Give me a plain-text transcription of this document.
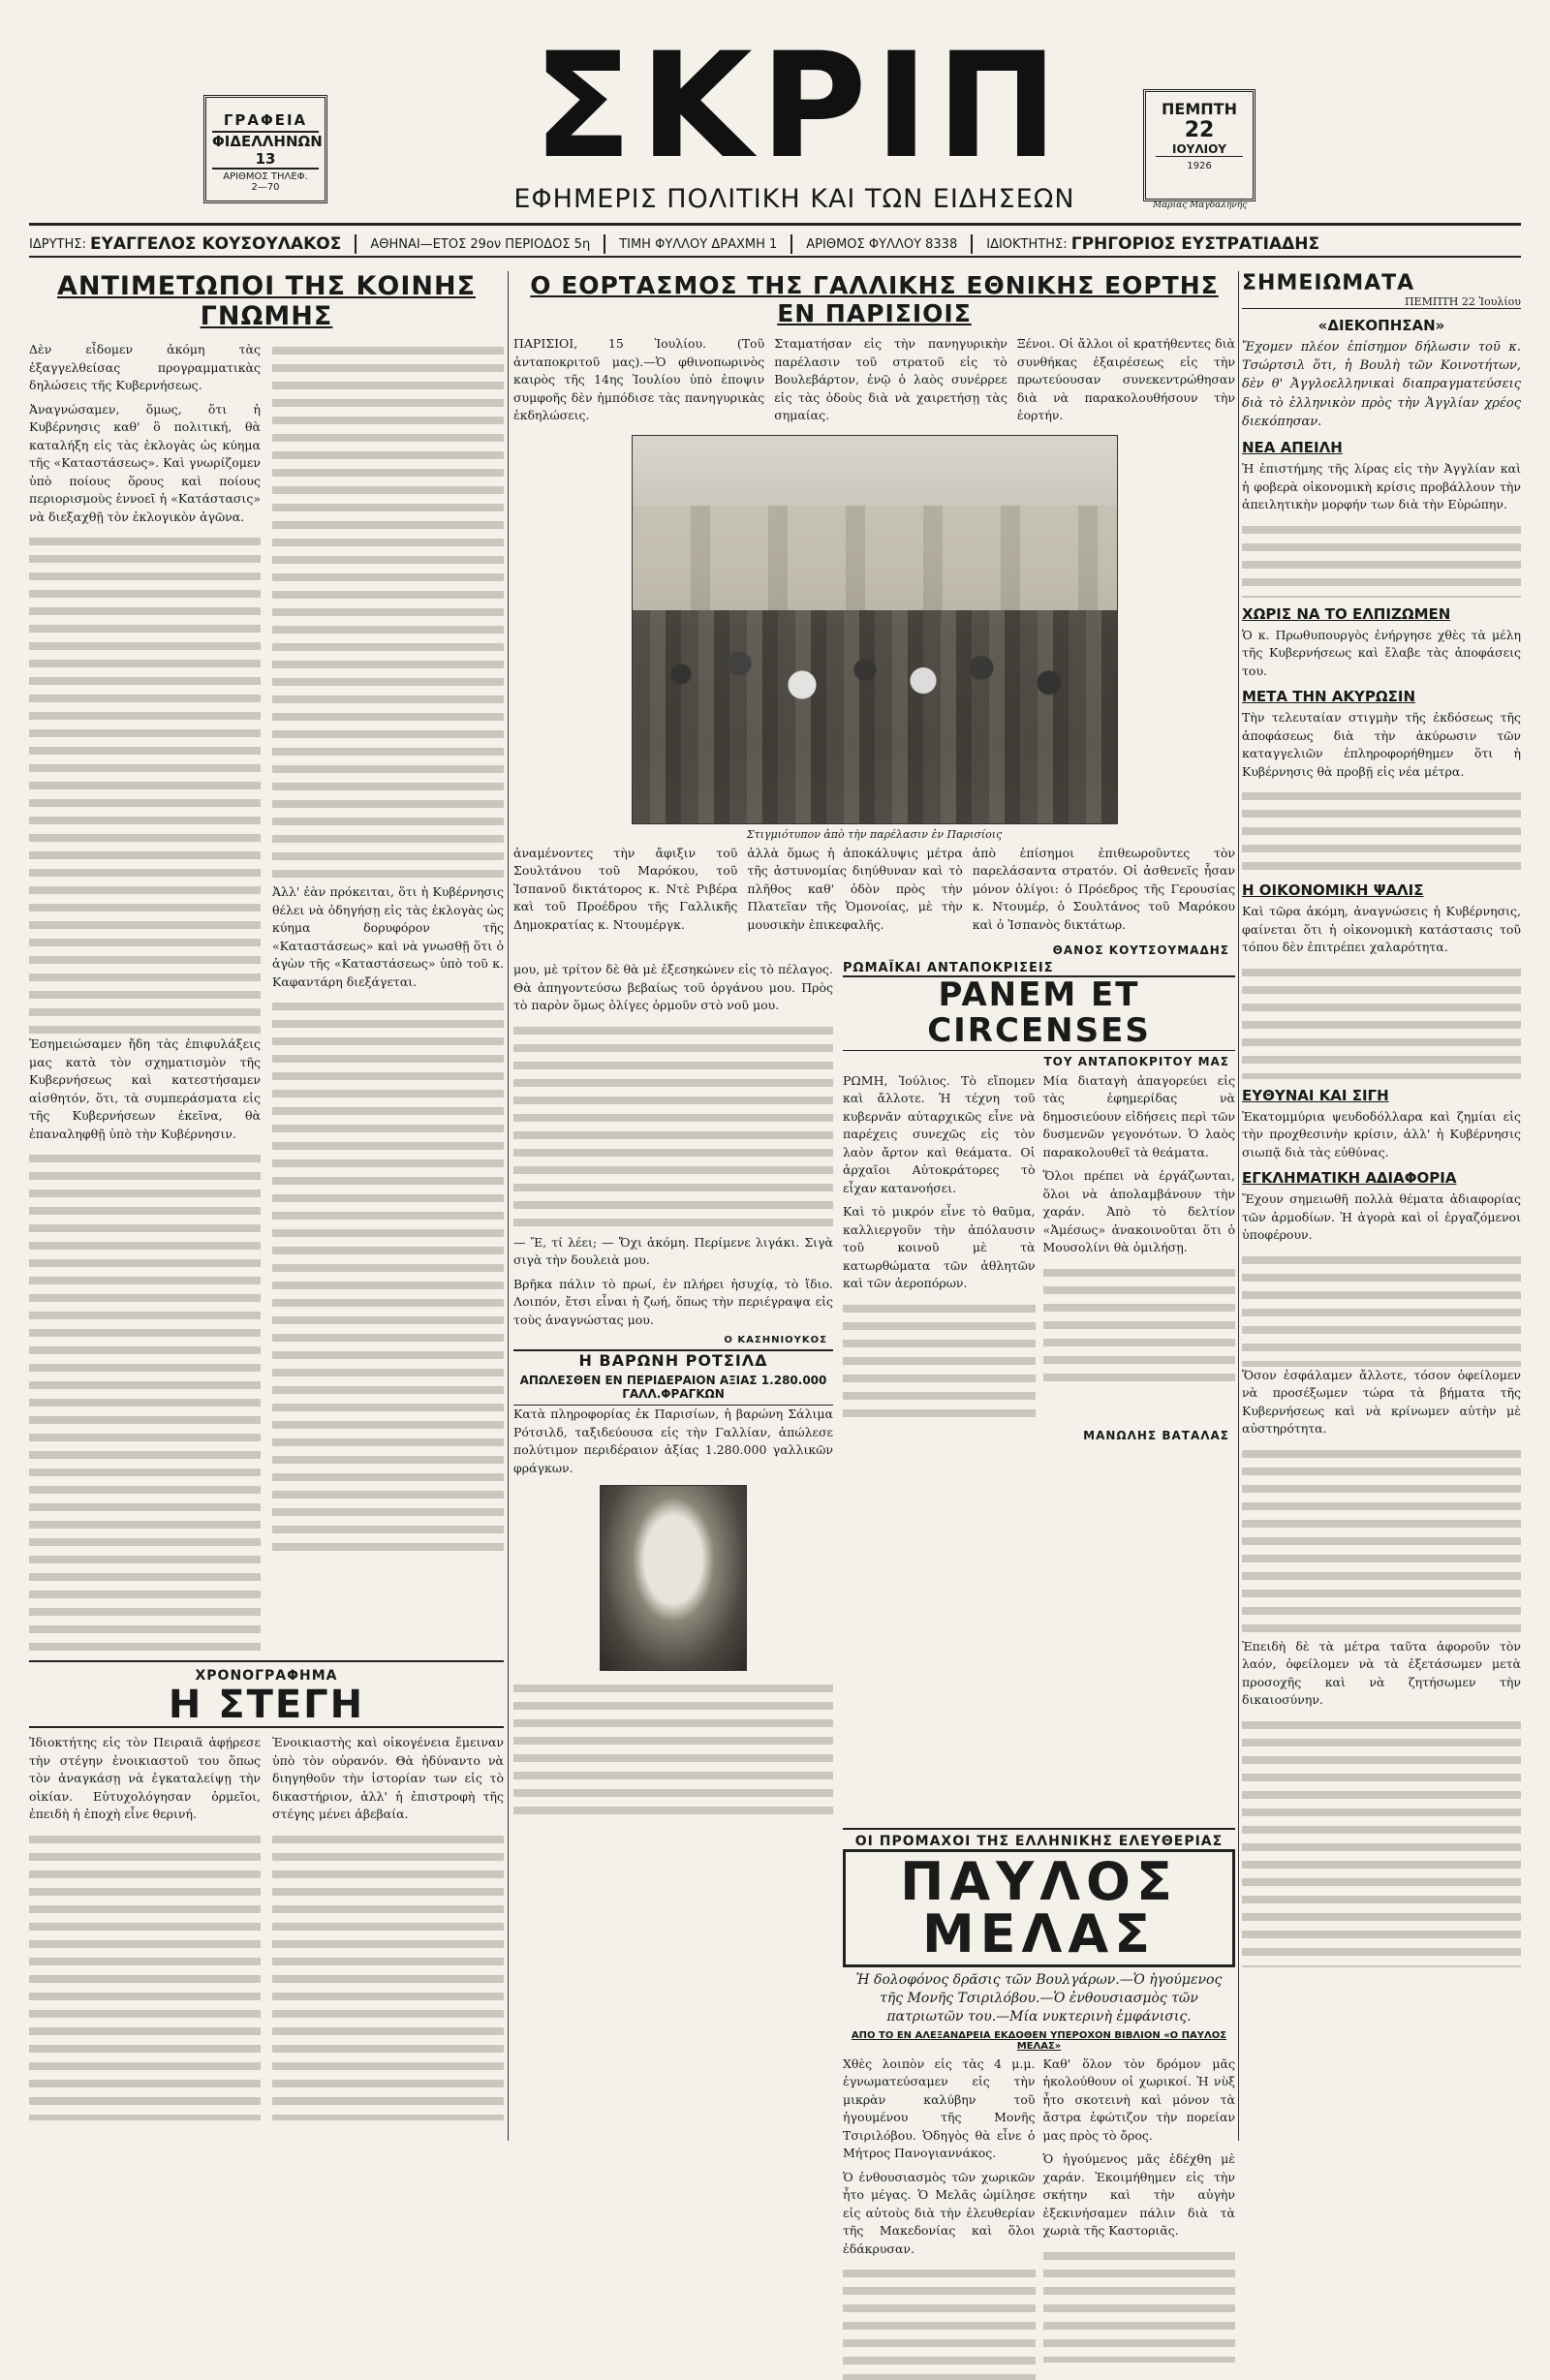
ΓΡΑΦΕΙΑ
ΦΙΔΕΛΛΗΝΩΝ 13
ΑΡΙΘΜΟΣ ΤΗΛΕΦ.
2—70	ΣΚΡΙΠ
ΕΦΗΜΕΡΙΣ ΠΟΛΙΤΙΚΗ ΚΑΙ ΤΩΝ ΕΙΔΗΣΕΩΝ
ΠΕΜΠΤΗ
22
ΙΟΥΛΙΟΥ
1926
Μαρίας Μαγδαληνής
ΙΔΡΥΤΗΣ:
ΕΥΑΓΓΕΛΟΣ ΚΟΥΣΟΥΛΑΚΟΣ ΑΘΗΝΑΙ—ΕΤΟΣ 29ον ΠΕΡΙΟΔΟΣ 5η ΤΙΜΗ ΦΥΛΛΟΥ ΔΡΑΧΜΗ 1 ΑΡΙΘΜΟΣ ΦΥΛΛΟΥ 8338 ΙΔΙΟΚΤΗΤΗΣ:
ΓΡΗΓΟΡΙΟΣ ΕΥΣΤΡΑΤΙΑΔΗΣ
ΑΝΤΙΜΕΤΩΠΟΙ ΤΗΣ ΚΟΙΝΗΣ ΓΝΩΜΗΣ

Δὲν εἶδομεν ἀκόμη τὰς ἐξαγγελθείσας προγραμματικὰς δηλώσεις τῆς Κυβερνήσεως.

Ἀναγνώσαμεν, ὅμως, ὅτι ἡ Κυβέρνησις καθ' ὃ πολιτική, θὰ καταλήξη εἰς τὰς ἐκλογὰς ὡς κύημα τῆς «Καταστάσεως». Καὶ γνωρίζομεν ὑπὸ ποίους ὅρους καὶ ποίους περιορισμοὺς ἐννοεῖ ἡ «Κατάστασις» νὰ διεξαχθῇ τὸν ἐκλογικὸν ἀγῶνα.

Ἐσημειώσαμεν ἤδη τὰς ἐπιφυλάξεις μας κατὰ τὸν σχηματισμὸν τῆς Κυβερνήσεως καὶ κατεστήσαμεν αἰσθητόν, ὅτι, τὰ συμπεράσματα εἰς τῆς Κυβερνήσεων ἐκεῖνα, θὰ ἐπαναληφθῇ ὑπὸ τὴν Κυβέρνησιν.

Ἀλλ' ἐὰν πρόκειται, ὅτι ἡ Κυβέρνησις θέλει νὰ ὁδηγήσῃ εἰς τὰς ἐκλογὰς ὡς κύημα δορυφόρον τῆς «Καταστάσεως» καὶ νὰ γνωσθῇ ὅτι ὁ ἀγὼν τῆς «Καταστάσεως» ὑπὸ τοῦ κ. Καφαντάρη διεξάγεται.

ΧΡΟΝΟΓΡΑΦΗΜΑ
Η ΣΤΕΓΗ

Ἰδιοκτήτης εἰς τὸν Πειραιᾶ ἀφῄρεσε τὴν στέγην ἐνοικιαστοῦ του ὅπως τὸν ἀναγκάσῃ νὰ ἐγκαταλείψῃ τὴν οἰκίαν. Εὐτυχολόγησαν ὁρμεῖοι, ἐπειδὴ ἡ ἐποχὴ εἶνε θερινή.

Ἐνοικιαστὴς καὶ οἰκογένεια ἔμειναν ὑπὸ τὸν οὐρανόν. Θὰ ἠδύναντο νὰ διηγηθοῦν τὴν ἱστορίαν των εἰς τὸ δικαστήριον, ἀλλ' ἡ ἐπιστροφὴ τῆς στέγης μένει ἀβεβαία.

Ο ΕΟΡΤΑΣΜΟΣ ΤΗΣ ΓΑΛΛΙΚΗΣ ΕΘΝΙΚΗΣ ΕΟΡΤΗΣ ΕΝ ΠΑΡΙΣΙΟΙΣ

ΠΑΡΙΣΙΟΙ, 15 Ἰουλίου. (Τοῦ ἀνταποκριτοῦ μας).—Ὁ φθινοπωρινὸς καιρὸς τῆς 14ης Ἰουλίου ὑπὸ ἐποψιν συμφοῆς δὲν ἠμπόδισε τὰς πανηγυρικὰς ἐκδηλώσεις.

Σταματήσαν εἰς τὴν πανηγυρικὴν παρέλασιν τοῦ στρατοῦ εἰς τὸ Βουλεβάρτον, ἐνῷ ὁ λαὸς συνέρρεε εἰς τὰς ὁδοὺς διὰ νὰ χαιρετήσῃ τὰς σημαίας.

Ξένοι. Οἱ ἄλλοι οἱ κρατήθεντες διὰ συνθήκας ἐξαιρέσεως εἰς τὴν πρωτεύουσαν συνεκεντρώθησαν διὰ νὰ παρακολουθήσουν τὴν ἑορτήν.

Στιγμιότυπον ἀπὸ τὴν παρέλασιν ἐν Παρισίοις

ἀναμένοντες τὴν ἄφιξιν τοῦ Σουλτάνου τοῦ Μαρόκου, τοῦ Ἰσπανοῦ δικτάτορος κ. Ντὲ Ριβέρα καὶ τοῦ Προέδρου τῆς Γαλλικῆς Δημοκρατίας κ. Ντουμέργκ.

ἀλλὰ ὅμως ἡ ἀποκάλυψις μέτρα τῆς ἀστυνομίας διηύθυναν καὶ τὸ πλῆθος καθ' ὁδὸν πρὸς τὴν Πλατεῖαν τῆς Ὁμονοίας, μὲ τὴν μουσικὴν ἐπικεφαλῆς.

ἀπὸ ἐπίσημοι ἐπιθεωροῦντες τὸν παρελάσαντα στρατόν. Οἱ ἀσθενεῖς ἦσαν μόνον ὀλίγοι: ὁ Πρόεδρος τῆς Γερουσίας κ. Ντουμέρ, ὁ Σουλτάνος τοῦ Μαρόκου καὶ ὁ Ἰσπανὸς δικτάτωρ.

ΘΑΝΟΣ ΚΟΥΤΣΟΥΜΑΔΗΣ

μου, μὲ τρίτον δὲ θὰ μὲ ἐξεσηκώνεν εἰς τὸ πέλαγος. Θὰ ἀπηγοντεύσω βεβαίως τοῦ ὀργάνου μου. Πρὸς τὸ παρὸν ὅμως ὁλίγες ὁρμοῦν στὸ νοῦ μου.

— Ἔ, τί λέει; — Ὄχι ἀκόμη. Περίμενε λιγάκι. Σιγὰ σιγὰ τὴν δουλειὰ μου.

Βρῆκα πάλιν τὸ πρωί, ἐν πλήρει ἡσυχίᾳ, τὸ ἴδιο. Λοιπόν, ἔτσι εἶναι ἡ ζωή, ὅπως τὴν περιέγραψα εἰς τοὺς ἀναγνώστας μου.

Ο ΚΑΣΗΝΙΟΥΚΟΣ
Η ΒΑΡΩΝΗ ΡΟΤΣΙΛΔ
ΑΠΩΛΕΣΘΕΝ ΕΝ ΠΕΡΙΔΕΡΑΙΟΝ ΑΞΙΑΣ 1.280.000 ΓΑΛΛ.ΦΡΑΓΚΩΝ

Κατὰ πληροφορίας ἐκ Παρισίων, ἡ βαρώνη Σάλιμα Ρότσιλδ, ταξιδεύουσα εἰς τὴν Γαλλίαν, ἀπώλεσε πολύτιμον περιδέραιον ἀξίας 1.280.000 γαλλικῶν φράγκων.

ΡΩΜΑΪΚΑΙ ΑΝΤΑΠΟΚΡΙΣΕΙΣ
PANEM ET CIRCENSES
ΤΟΥ ΑΝΤΑΠΟΚΡΙΤΟΥ ΜΑΣ

ΡΩΜΗ, Ἰούλιος. Τὸ εἴπομεν καὶ ἄλλοτε. Ἡ τέχνη τοῦ κυβερνᾶν αὐταρχικῶς εἶνε νὰ παρέχεις συνεχῶς εἰς τὸν λαὸν ἄρτον καὶ θεάματα. Οἱ ἀρχαῖοι Αὐτοκράτορες τὸ εἶχαν κατανοήσει.

Καὶ τὸ μικρόν εἶνε τὸ θαῦμα, καλλιεργοῦν τὴν ἀπόλαυσιν τοῦ κοινοῦ μὲ τὰ κατωρθώματα τῶν ἀθλητῶν καὶ τῶν ἀεροπόρων.

Μία διαταγὴ ἀπαγορεύει εἰς τὰς ἐφημερίδας νὰ δημοσιεύουν εἰδήσεις περὶ τῶν δυσμενῶν γεγονότων. Ὁ λαὸς παρακολουθεῖ τὰ θεάματα.

Ὅλοι πρέπει νὰ ἐργάζωνται, ὅλοι νὰ ἀπολαμβάνουν τὴν χαράν. Ἀπὸ τὸ δελτίον «Ἀμέσως» ἀνακοινοῦται ὅτι ὁ Μουσολίνι θὰ ὁμιλήσῃ.

ΜΑΝΩΛΗΣ ΒΑΤΑΛΑΣ
ΟΙ ΠΡΟΜΑΧΟΙ ΤΗΣ ΕΛΛΗΝΙΚΗΣ ΕΛΕΥΘΕΡΙΑΣ
ΠΑΥΛΟΣ ΜΕΛΑΣ
Ἡ δολοφόνος δρᾶσις τῶν Βουλγάρων.—Ὁ ἡγούμενος τῆς Μονῆς Τσιριλόβου.—Ὁ ἐνθουσιασμὸς τῶν πατριωτῶν του.—Μία νυκτερινὴ ἐμφάνισις.
ΑΠΟ ΤΟ ΕΝ ΑΛΕΞΑΝΔΡΕΙΑ ΕΚΔΟΘΕΝ ΥΠΕΡΟΧΟΝ ΒΙΒΛΙΟΝ «Ο ΠΑΥΛΟΣ ΜΕΛΑΣ»

Χθὲς λοιπὸν εἰς τὰς 4 μ.μ. ἐγνωματεύσαμεν εἰς τὴν μικρὰν καλύβην τοῦ ἡγουμένου τῆς Μονῆς Τσιριλόβου. Ὁδηγὸς θὰ εἶνε ὁ Μήτρος Πανογιαννάκος.

Ὁ ἐνθουσιασμὸς τῶν χωρικῶν ἦτο μέγας. Ὁ Μελᾶς ὡμίλησε εἰς αὐτοὺς διὰ τὴν ἐλευθερίαν τῆς Μακεδονίας καὶ ὅλοι ἐδάκρυσαν.

Καθ' ὅλον τὸν δρόμον μᾶς ἠκολούθουν οἱ χωρικοί. Ἡ νὺξ ἦτο σκοτεινὴ καὶ μόνον τὰ ἄστρα ἐφώτιζον τὴν πορείαν μας πρὸς τὸ ὄρος.

Ὁ ἡγούμενος μᾶς ἐδέχθη μὲ χαράν. Ἐκοιμήθημεν εἰς τὴν σκήτην καὶ τὴν αὐγὴν ἐξεκινήσαμεν πάλιν διὰ τὰ χωριὰ τῆς Καστοριᾶς.

ΣΗΜΕΙΩΜΑΤΑ
ΠΕΜΠΤΗ 22 Ἰουλίου
«ΔΙΕΚΟΠΗΣΑΝ»

Ἔχομεν πλέον ἐπίσημον δήλωσιν τοῦ κ. Τσώρτσιλ ὅτι, ἡ Βουλὴ τῶν Κοινοτήτων, δὲν θ' Ἀγγλοελληνικαὶ διαπραγματεύσεις διὰ τὸ ἑλληνικὸν πρὸς τὴν Ἀγγλίαν χρέος διεκόπησαν.

ΝΕΑ ΑΠΕΙΛΗ

Ἡ ἐπιστήμης τῆς λίρας εἰς τὴν Ἀγγλίαν καὶ ἡ φοβερὰ οἰκονομικὴ κρίσις προβάλλουν τὴν ἀπειλητικὴν μορφήν των διὰ τὴν Εὐρώπην.

ΧΩΡΙΣ ΝΑ ΤΟ ΕΛΠΙΖΩΜΕΝ

Ὁ κ. Πρωθυπουργὸς ἐνήργησε χθὲς τὰ μέλη τῆς Κυβερνήσεως καὶ ἔλαβε τὰς ἀποφάσεις του.

ΜΕΤΑ ΤΗΝ ΑΚΥΡΩΣΙΝ

Τὴν τελευταίαν στιγμὴν τῆς ἐκδόσεως τῆς ἀποφάσεως διὰ τὴν ἀκύρωσιν τῶν καταγγελιῶν ἐπληροφορήθημεν ὅτι ἡ Κυβέρνησις θὰ προβῇ εἰς νέα μέτρα.

Η ΟΙΚΟΝΟΜΙΚΗ ΨΑΛΙΣ

Καὶ τῶρα ἀκόμη, ἀναγνώσεις ἡ Κυβέρνησις, φαίνεται ὅτι ἡ οἰκονομικὴ κατάστασις τοῦ τόπου δὲν ἐπιτρέπει χαλαρότητα.

ΕΥΘΥΝΑΙ ΚΑΙ ΣΙΓΗ

Ἐκατομμύρια ψευδοδόλλαρα καὶ ζημίαι εἰς τὴν προχθεσινὴν κρίσιν, ἀλλ' ἡ Κυβέρνησις σιωπᾷ διὰ τὰς εὐθύνας.

ΕΓΚΛΗΜΑΤΙΚΗ ΑΔΙΑΦΟΡΙΑ

Ἔχουν σημειωθῆ πολλὰ θέματα ἀδιαφορίας τῶν ἀρμοδίων. Ἡ ἀγορὰ καὶ οἱ ἐργαζόμενοι ὑποφέρουν.

Ὅσον ἐσφάλαμεν ἄλλοτε, τόσον ὀφείλομεν νὰ προσέξωμεν τώρα τὰ βήματα τῆς Κυβερνήσεως καὶ νὰ κρίνωμεν αὐτὴν μὲ αὐστηρότητα.

Ἐπειδὴ δὲ τὰ μέτρα ταῦτα ἀφοροῦν τὸν λαόν, ὀφείλομεν νὰ τὰ ἐξετάσωμεν μετὰ προσοχῆς καὶ νὰ ζητήσωμεν τὴν δικαιοσύνην.
